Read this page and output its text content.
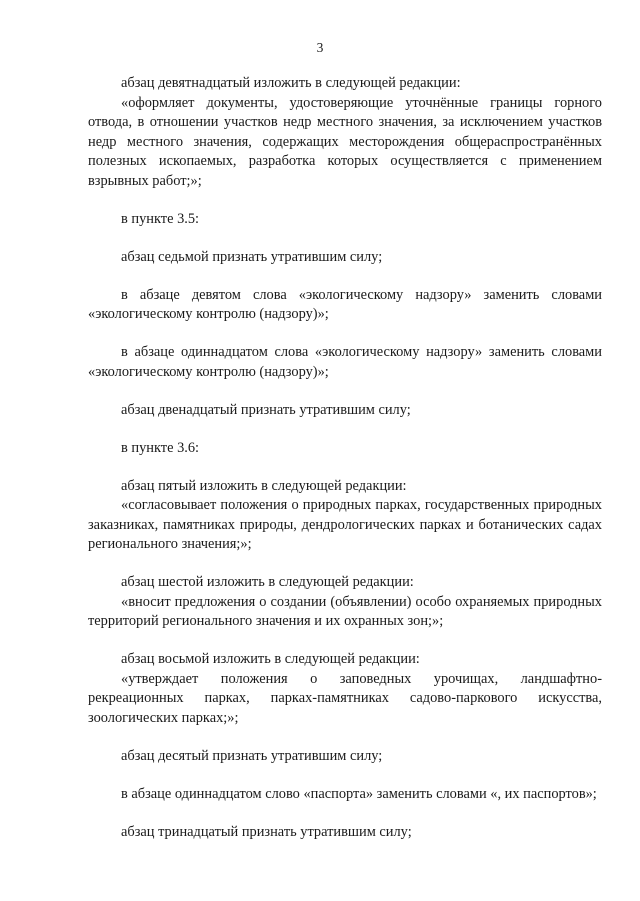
3

абзац девятнадцатый изложить в следующей редакции:

«оформляет документы, удостоверяющие уточнённые границы горного отвода, в отношении участков недр местного значения, за исключением участков недр местного значения, содержащих месторождения общераспространённых полезных ископаемых, разработка которых осуществляется с применением взрывных работ;»;

в пункте 3.5:

абзац седьмой признать утратившим силу;

в абзаце девятом слова «экологическому надзору» заменить словами «экологическому контролю (надзору)»;

в абзаце одиннадцатом слова «экологическому надзору» заменить словами «экологическому контролю (надзору)»;

абзац двенадцатый признать утратившим силу;

в пункте 3.6:

абзац пятый изложить в следующей редакции:

«согласовывает положения о природных парках, государственных природных заказниках, памятниках природы, дендрологических парках и ботанических садах регионального значения;»;

абзац шестой изложить в следующей редакции:

«вносит предложения о создании (объявлении) особо охраняемых природных территорий регионального значения и их охранных зон;»;

абзац восьмой изложить в следующей редакции:

«утверждает положения о заповедных урочищах, ландшафтно-рекреационных парках, парках-памятниках садово-паркового искусства, зоологических парках;»;

абзац десятый признать утратившим силу;

в абзаце одиннадцатом слово «паспорта» заменить словами «, их паспортов»;

абзац тринадцатый признать утратившим силу;
